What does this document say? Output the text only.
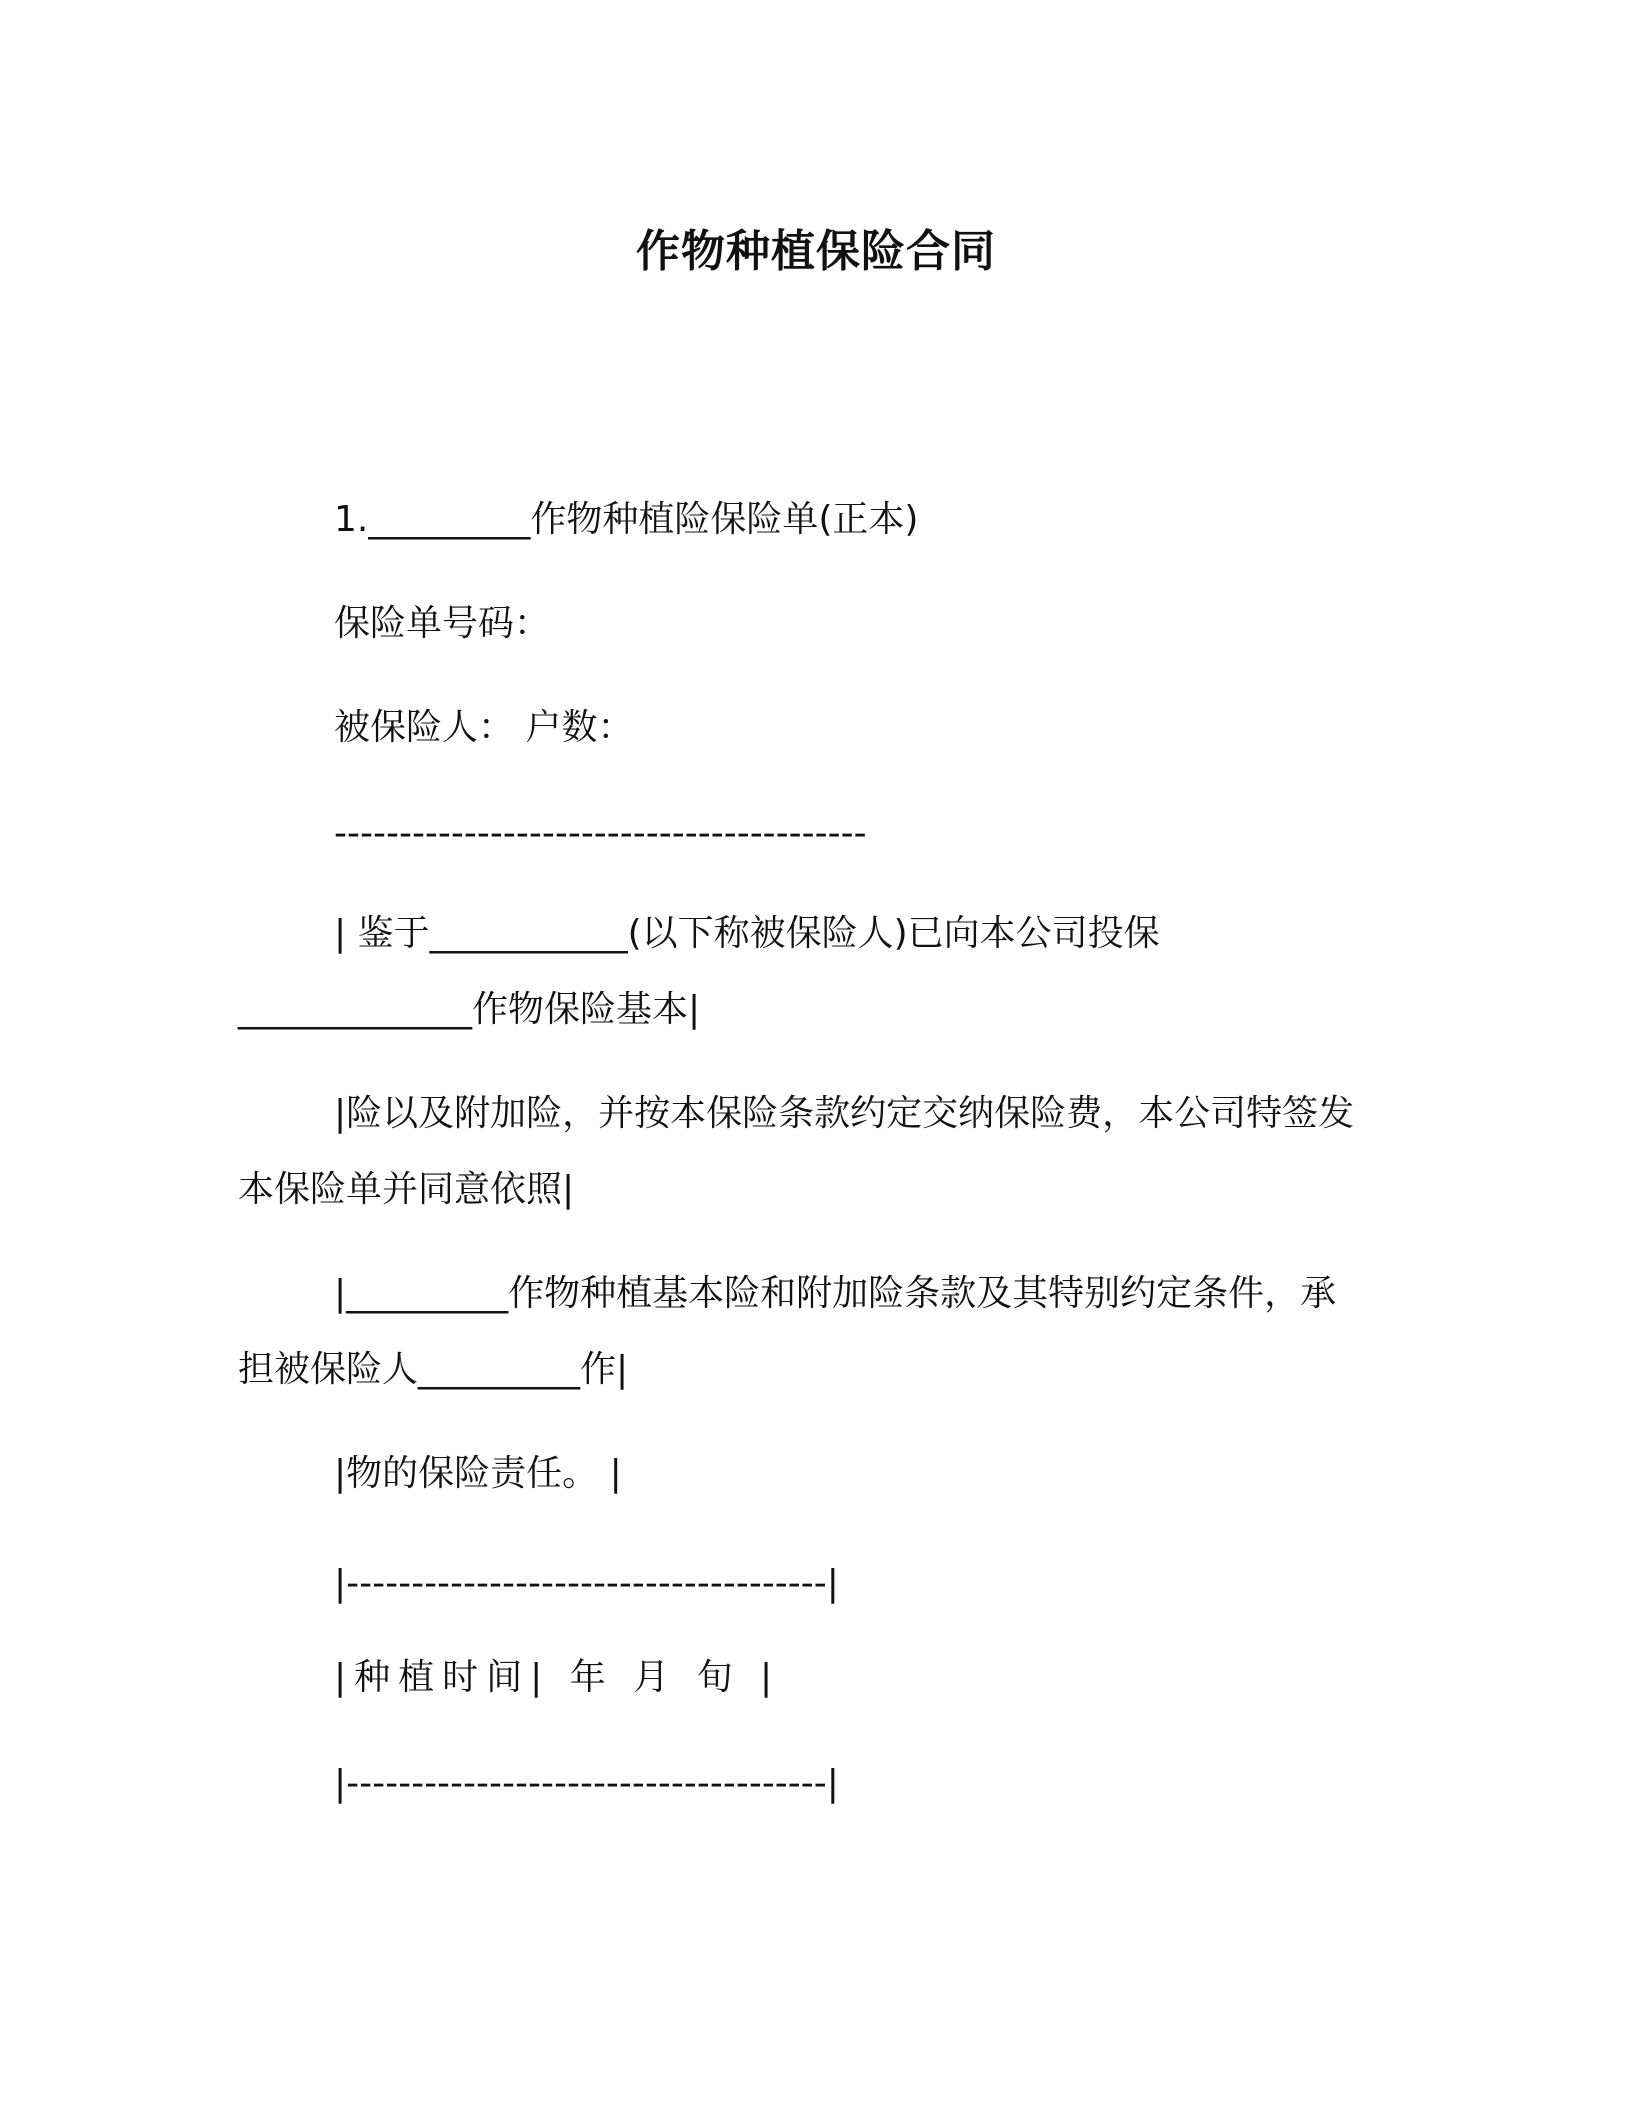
作物种植保险合同
1._________作物种植险保险单(正本)
保险单号码：
被保险人： 户数：
-----------------------------------------
| 鉴于___________(以下称被保险人)已向本公司投保
_____________作物保险基本|
|险以及附加险，并按本保险条款约定交纳保险费，本公司特签发
本保险单并同意依照|
|_________作物种植基本险和附加险条款及其特别约定条件，承
担被保险人_________作|
|物的保险责任。 |
|-------------------------------------|
|种植时间| 年 月 旬 |
|-------------------------------------|
